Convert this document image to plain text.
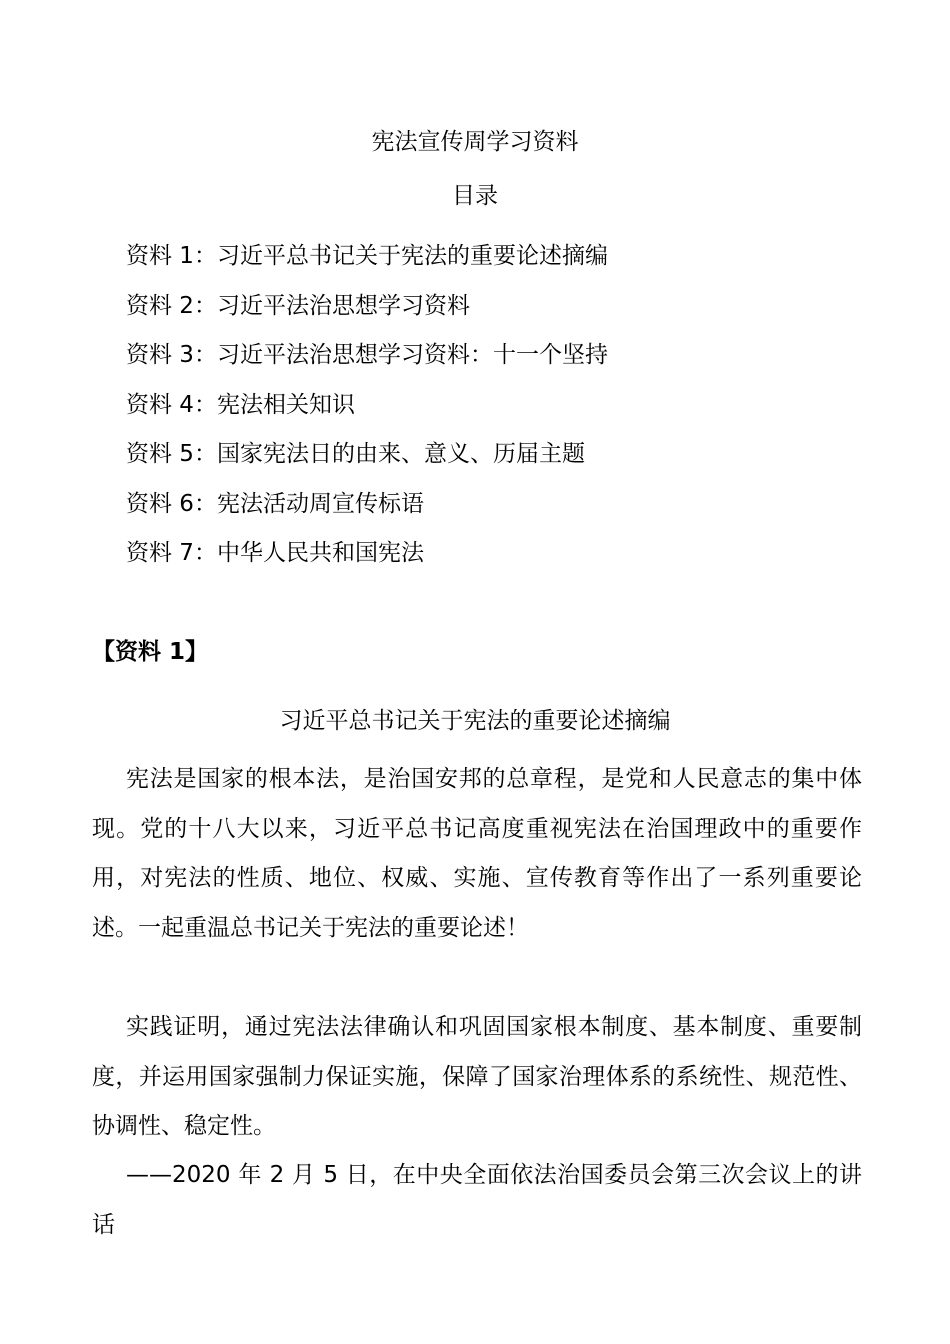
宪法宣传周学习资料
目录
资料 1：习近平总书记关于宪法的重要论述摘编
资料 2：习近平法治思想学习资料
资料 3：习近平法治思想学习资料：十一个坚持
资料 4：宪法相关知识
资料 5：国家宪法日的由来、意义、历届主题
资料 6：宪法活动周宣传标语
资料 7：中华人民共和国宪法
【资料 1】
习近平总书记关于宪法的重要论述摘编

宪法是国家的根本法，是治国安邦的总章程，是党和人民意志的集中体现。党的十八大以来，习近平总书记高度重视宪法在治国理政中的重要作用，对宪法的性质、地位、权威、实施、宣传教育等作出了一系列重要论述。一起重温总书记关于宪法的重要论述！

实践证明，通过宪法法律确认和巩固国家根本制度、基本制度、重要制度，并运用国家强制力保证实施，保障了国家治理体系的系统性、规范性、协调性、稳定性。

——2020 年 2 月 5 日，在中央全面依法治国委员会第三次会议上的讲话
